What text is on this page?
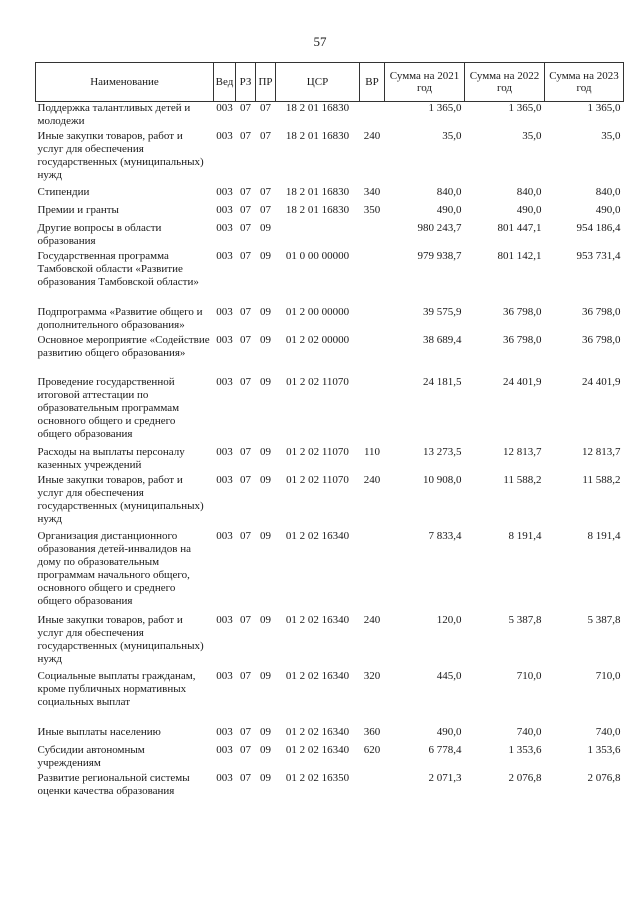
57
Наименование	Вед	РЗ	ПР	ЦСР	ВР	Сумма на 2021 год	Сумма на 2022 год	Сумма на 2023 год
Поддержка талантливых детей и молодежи	003	07	07	18 2 01 16830		1 365,0	1 365,0	1 365,0
Иные закупки товаров, работ и услуг для обеспечения государственных (муниципальных) нужд	003	07	07	18 2 01 16830	240	35,0	35,0	35,0
Стипендии	003	07	07	18 2 01 16830	340	840,0	840,0	840,0
Премии и гранты	003	07	07	18 2 01 16830	350	490,0	490,0	490,0
Другие вопросы в области образования	003	07	09			980 243,7	801 447,1	954 186,4
Государственная программа Тамбовской области «Развитие образования Тамбовской области»	003	07	09	01 0 00 00000		979 938,7	801 142,1	953 731,4
Подпрограмма «Развитие общего и дополнительного образования»	003	07	09	01 2 00 00000		39 575,9	36 798,0	36 798,0
Основное мероприятие «Содействие развитию общего образования»	003	07	09	01 2 02 00000		38 689,4	36 798,0	36 798,0
Проведение государственной итоговой аттестации по образовательным программам основного общего и среднего общего образования	003	07	09	01 2 02 11070		24 181,5	24 401,9	24 401,9
Расходы на выплаты персоналу казенных учреждений	003	07	09	01 2 02 11070	110	13 273,5	12 813,7	12 813,7
Иные закупки товаров, работ и услуг для обеспечения государственных (муниципальных) нужд	003	07	09	01 2 02 11070	240	10 908,0	11 588,2	11 588,2
Организация дистанционного образования детей-инвалидов на дому по образовательным программам начального общего, основного общего и среднего общего образования	003	07	09	01 2 02 16340		7 833,4	8 191,4	8 191,4
Иные закупки товаров, работ и услуг для обеспечения государственных (муниципальных) нужд	003	07	09	01 2 02 16340	240	120,0	5 387,8	5 387,8
Социальные выплаты гражданам, кроме публичных нормативных социальных выплат	003	07	09	01 2 02 16340	320	445,0	710,0	710,0
Иные выплаты населению	003	07	09	01 2 02 16340	360	490,0	740,0	740,0
Субсидии автономным учреждениям	003	07	09	01 2 02 16340	620	6 778,4	1 353,6	1 353,6
Развитие региональной системы оценки качества образования	003	07	09	01 2 02 16350		2 071,3	2 076,8	2 076,8
